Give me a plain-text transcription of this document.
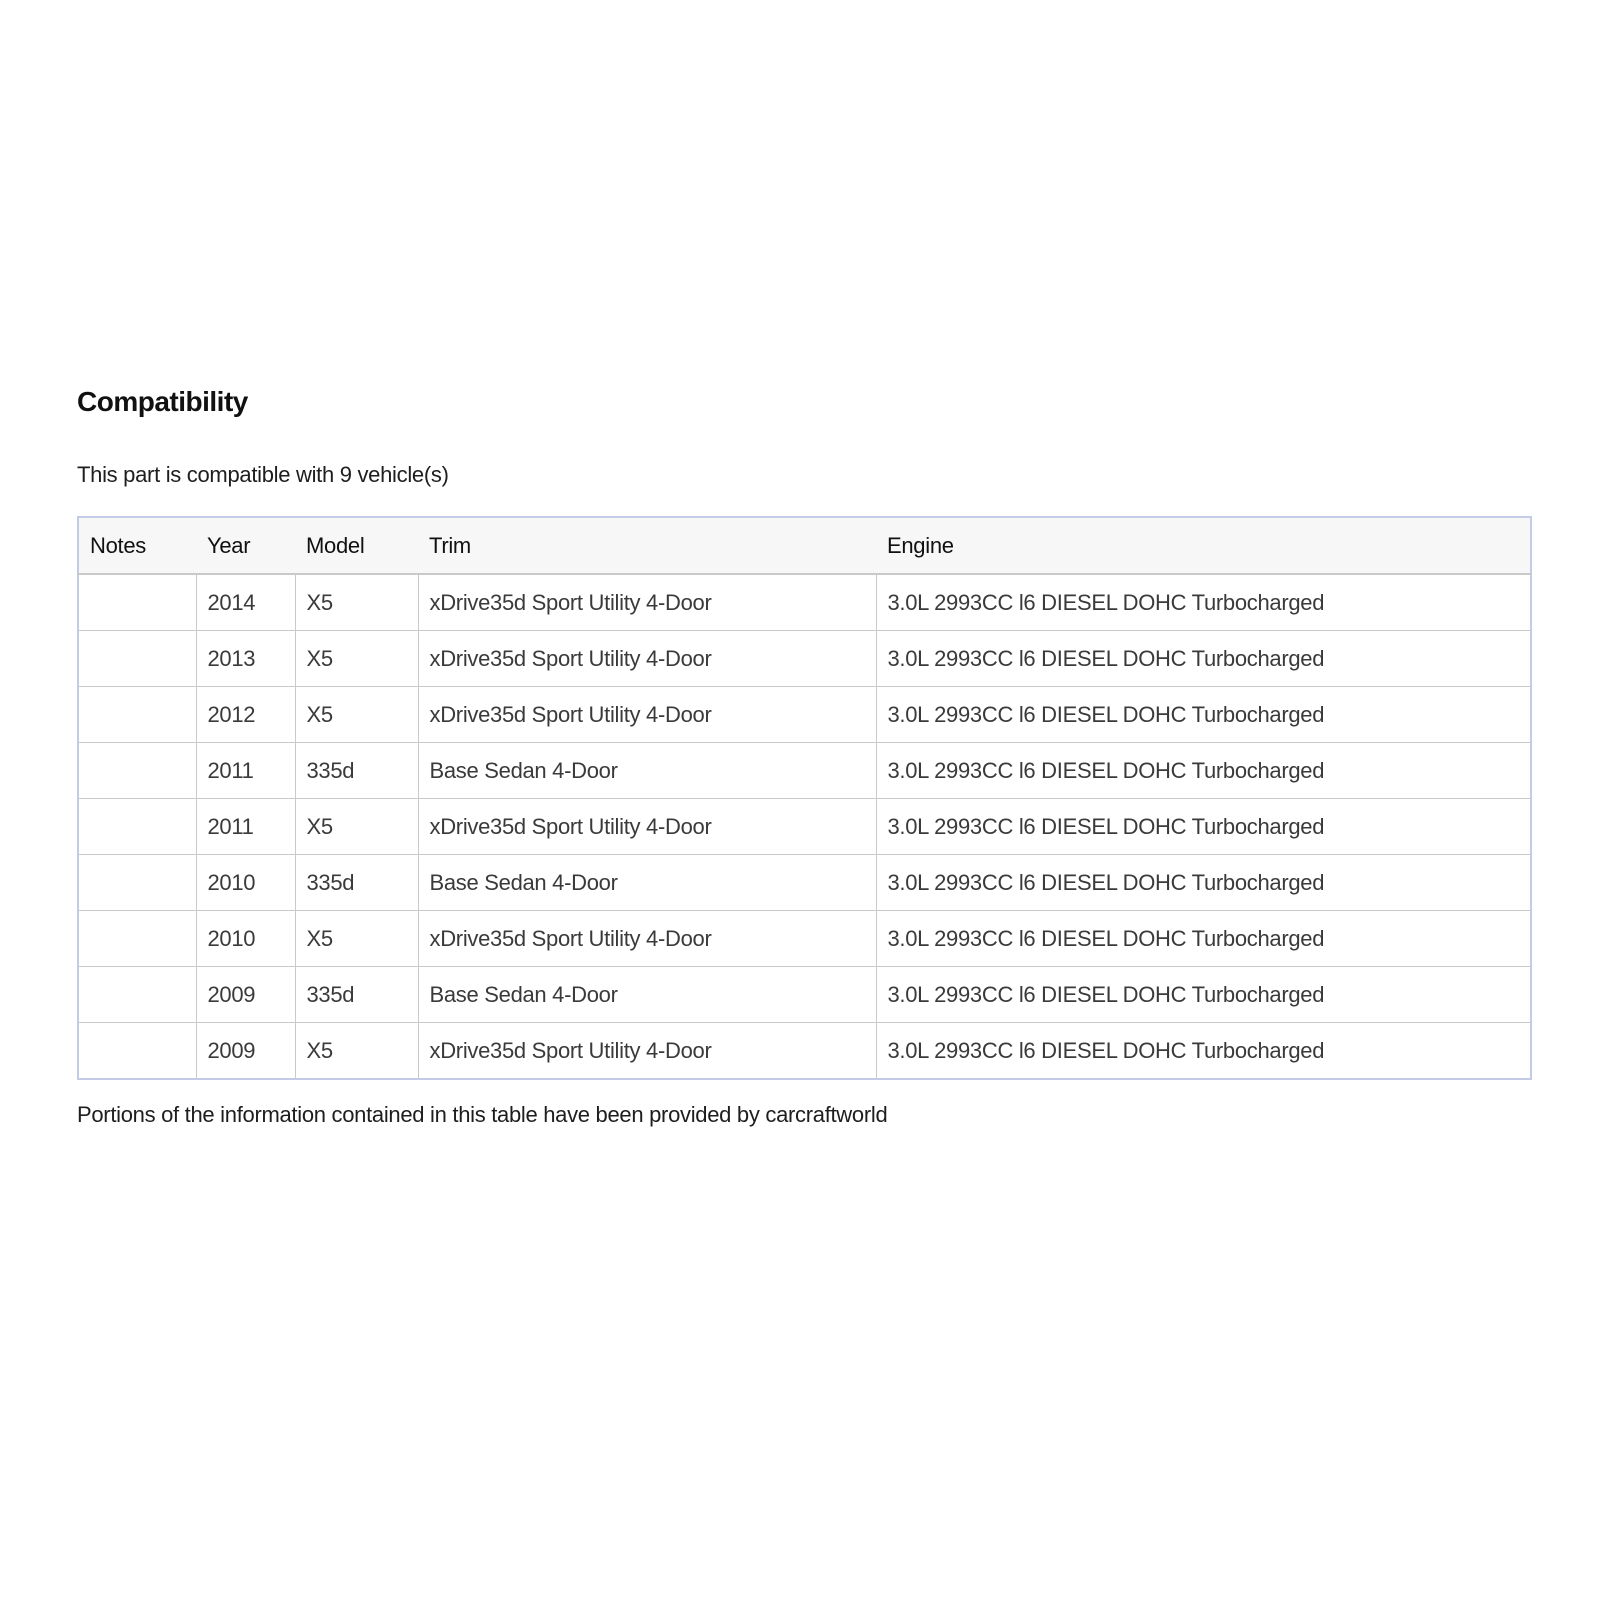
Compatibility
This part is compatible with 9 vehicle(s)
Notes	Year	Model	Trim	Engine
	2014	X5	xDrive35d Sport Utility 4-Door	3.0L 2993CC l6 DIESEL DOHC Turbocharged
	2013	X5	xDrive35d Sport Utility 4-Door	3.0L 2993CC l6 DIESEL DOHC Turbocharged
	2012	X5	xDrive35d Sport Utility 4-Door	3.0L 2993CC l6 DIESEL DOHC Turbocharged
	2011	335d	Base Sedan 4-Door	3.0L 2993CC l6 DIESEL DOHC Turbocharged
	2011	X5	xDrive35d Sport Utility 4-Door	3.0L 2993CC l6 DIESEL DOHC Turbocharged
	2010	335d	Base Sedan 4-Door	3.0L 2993CC l6 DIESEL DOHC Turbocharged
	2010	X5	xDrive35d Sport Utility 4-Door	3.0L 2993CC l6 DIESEL DOHC Turbocharged
	2009	335d	Base Sedan 4-Door	3.0L 2993CC l6 DIESEL DOHC Turbocharged
	2009	X5	xDrive35d Sport Utility 4-Door	3.0L 2993CC l6 DIESEL DOHC Turbocharged
Portions of the information contained in this table have been provided by carcraftworld
